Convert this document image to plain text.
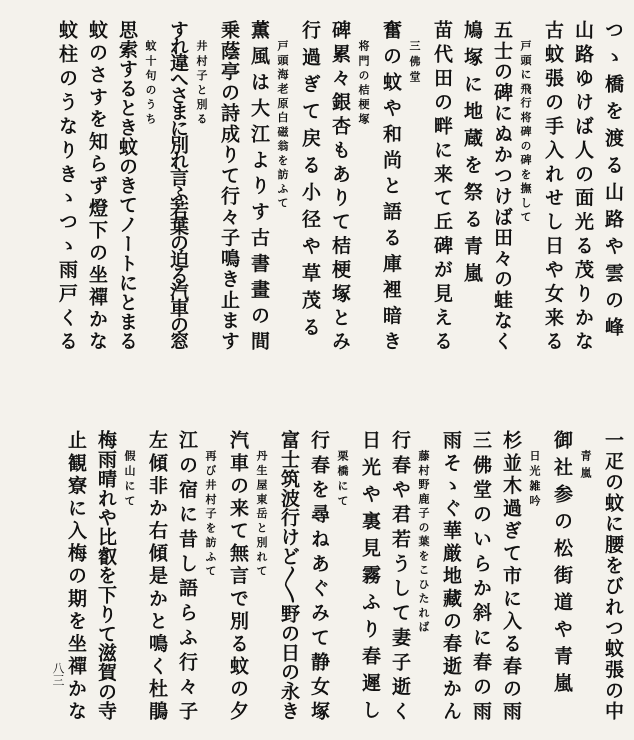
つゝ橋を渡る山路や雲の峰
山路ゆけば人の面光る茂りかな
古蚊張の手入れせし日や女来る
戸頭に飛行将碑の碑を撫して
五士の碑にぬかつけば田々の蛙なく
鳩塚に地蔵を祭る青嵐
苗代田の畔に来て丘碑が見える
三佛堂
奮の蚊や和尚と語る庫裡暗き
将門の桔梗塚
碑累々銀杏もありて桔梗塚とみ
行過ぎて戻る小径や草茂る
戸頭海老原白磁翁を訪ふて
薫風は大江よりす古書畫の間
乗蔭亭の詩成りて行々子鳴き止ます
井村子と別る
すれ違へさまに別れ言ふ若葉の迫る汽車の窓
蚊十句のうち
思索するとき蚊のきてノートにとまる
蚊のさすを知らず燈下の坐禪かな
蚊柱のうなりきゝつゝ雨戸くる
一疋の蚊に腰をびれつ蚊張の中
青嵐
御社参の松街道や青嵐
日光雑吟
杉並木過ぎて市に入る春の雨
三佛堂のいらか斜に春の雨
雨そゝぐ華厳地藏の春逝かん
藤村野鹿子の葉をこひたれば
行春や君若うして妻子逝く
日光や裏見霧ふり春遲し
栗橋にて
行春を尋ねあぐみて静女塚
富士筑波行けど〳〵野の日の永き
丹生屋東岳と別れて
汽車の来て無言で別る蚊の夕
再び井村子を訪ふて
江の宿に昔し語らふ行々子
左傾非か右傾是かと鳴く杜鵑
假山にて
梅雨晴れや比叡を下りて滋賀の寺
止観寮に入梅の期を坐禪かな
八三
